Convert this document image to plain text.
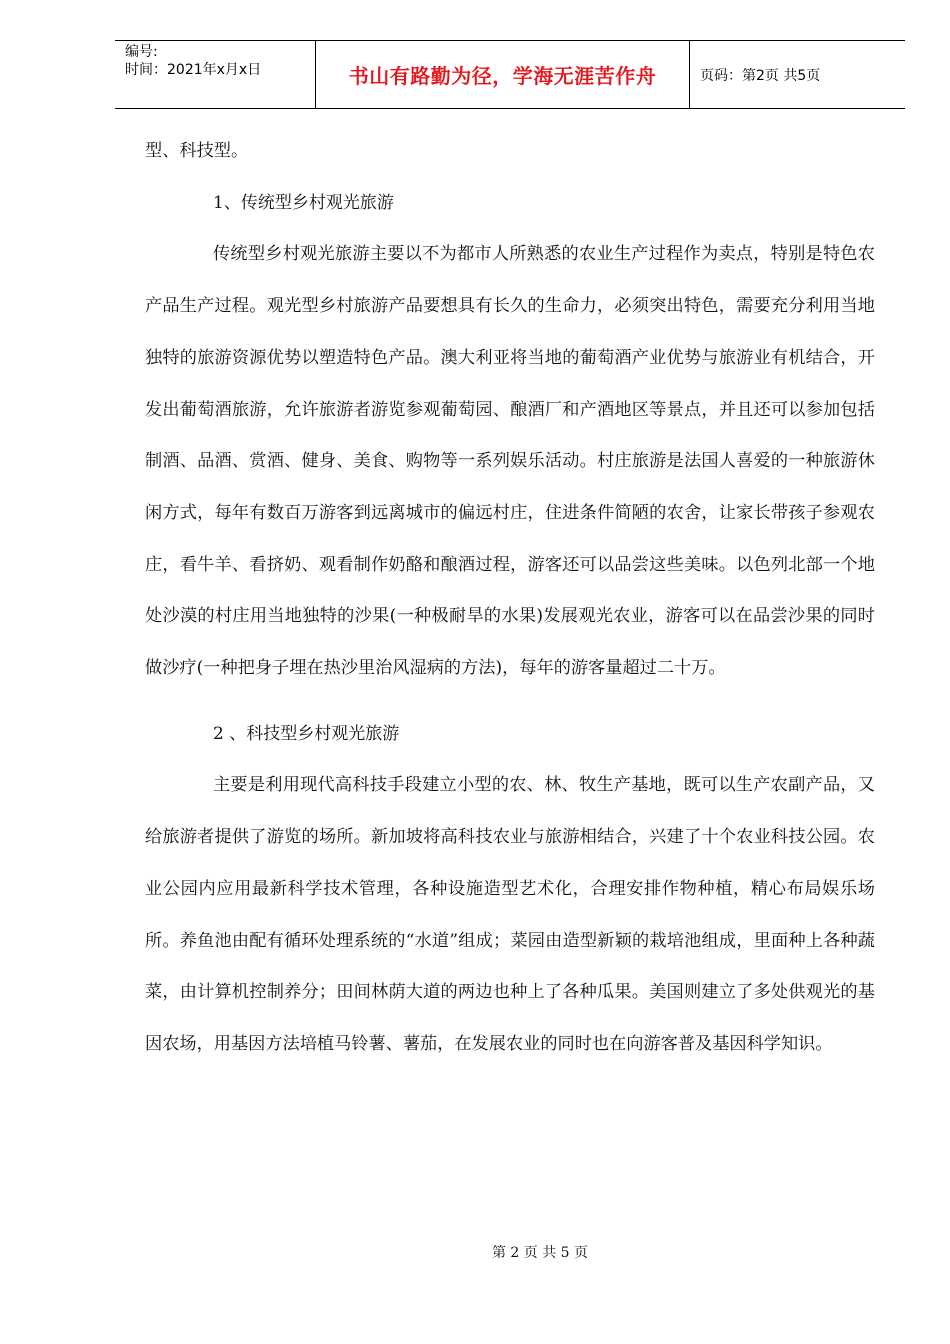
编号:
时间：2021年x月x日	书山有路勤为径，学海无涯苦作舟	页码：第2页 共5页

型、科技型。

1、传统型乡村观光旅游

传统型乡村观光旅游主要以不为都市人所熟悉的农业生产过程作为卖点，特别是特色农产品生产过程。观光型乡村旅游产品要想具有长久的生命力，必须突出特色，需要充分利用当地独特的旅游资源优势以塑造特色产品。澳大利亚将当地的葡萄酒产业优势与旅游业有机结合，开发出葡萄酒旅游，允许旅游者游览参观葡萄园、酿酒厂和产酒地区等景点，并且还可以参加包括制酒、品酒、赏酒、健身、美食、购物等一系列娱乐活动。村庄旅游是法国人喜爱的一种旅游休闲方式，每年有数百万游客到远离城市的偏远村庄，住进条件简陋的农舍，让家长带孩子参观农庄，看牛羊、看挤奶、观看制作奶酪和酿酒过程，游客还可以品尝这些美味。以色列北部一个地处沙漠的村庄用当地独特的沙果(一种极耐旱的水果)发展观光农业，游客可以在品尝沙果的同时做沙疗(一种把身子埋在热沙里治风湿病的方法)，每年的游客量超过二十万。

2 、科技型乡村观光旅游

主要是利用现代高科技手段建立小型的农、林、牧生产基地，既可以生产农副产品，又给旅游者提供了游览的场所。新加坡将高科技农业与旅游相结合，兴建了十个农业科技公园。农业公园内应用最新科学技术管理，各种设施造型艺术化，合理安排作物种植，精心布局娱乐场所。养鱼池由配有循环处理系统的“水道”组成；菜园由造型新颖的栽培池组成，里面种上各种蔬菜，由计算机控制养分；田间林荫大道的两边也种上了各种瓜果。美国则建立了多处供观光的基因农场，用基因方法培植马铃薯、薯茄，在发展农业的同时也在向游客普及基因科学知识。

第 2 页 共 5 页
